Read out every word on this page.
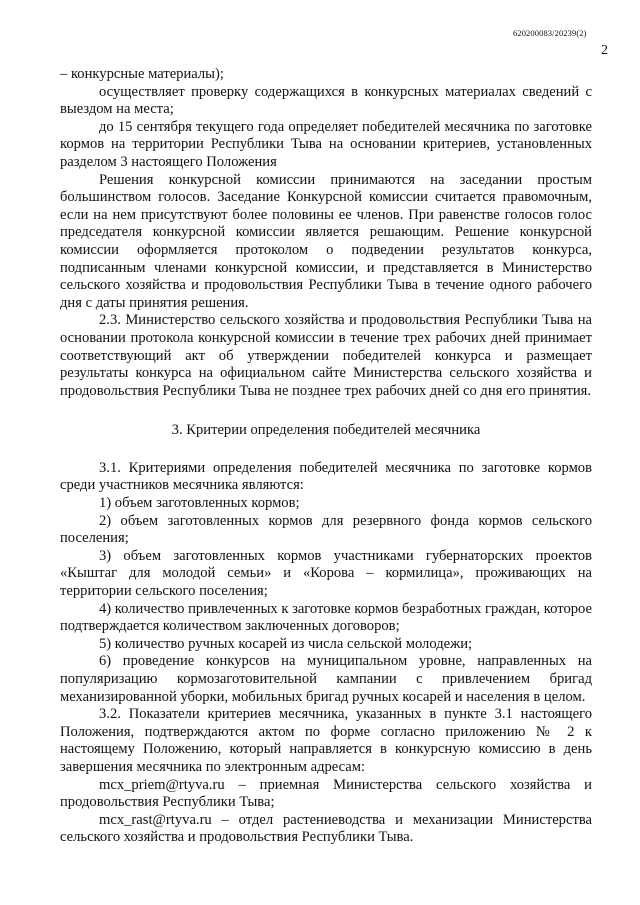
620200083/20239(2)
2

– конкурсные материалы);

осуществляет проверку содержащихся в конкурсных материалах сведений с выездом на места;

до 15 сентября текущего года определяет победителей месячника по заготовке кормов на территории Республики Тыва на основании критериев, установленных разделом 3 настоящего Положения

Решения конкурсной комиссии принимаются на заседании простым большинством голосов. Заседание Конкурсной комиссии считается правомочным, если на нем присутствуют более половины ее членов. При равенстве голосов голос председателя конкурсной комиссии является решающим. Решение конкурсной комиссии оформляется протоколом о подведении результатов конкурса, подписанным членами конкурсной комиссии, и представляется в Министерство сельского хозяйства и продовольствия Республики Тыва в течение одного рабочего дня с даты принятия решения.

2.3. Министерство сельского хозяйства и продовольствия Республики Тыва на основании протокола конкурсной комиссии в течение трех рабочих дней принимает соответствующий акт об утверждении победителей конкурса и размещает результаты конкурса на официальном сайте Министерства сельского хозяйства и продовольствия Республики Тыва не позднее трех рабочих дней со дня его принятия.

3. Критерии определения победителей месячника

3.1. Критериями определения победителей месячника по заготовке кормов среди участников месячника являются:

1) объем заготовленных кормов;

2) объем заготовленных кормов для резервного фонда кормов сельского поселения;

3) объем заготовленных кормов участниками губернаторских проектов «Кыштаг для молодой семьи» и «Корова – кормилица», проживающих на территории сельского поселения;

4) количество привлеченных к заготовке кормов безработных граждан, которое подтверждается количеством заключенных договоров;

5) количество ручных косарей из числа сельской молодежи;

6) проведение конкурсов на муниципальном уровне, направленных на популяризацию кормозаготовительной кампании с привлечением бригад механизированной уборки, мобильных бригад ручных косарей и населения в целом.

3.2. Показатели критериев месячника, указанных в пункте 3.1 настоящего Положения, подтверждаются актом по форме согласно приложению № 2 к настоящему Положению, который направляется в конкурсную комиссию в день завершения месячника по электронным адресам:

mcx_priem@rtyva.ru – приемная Министерства сельского хозяйства и продовольствия Республики Тыва;

mcx_rast@rtyva.ru – отдел растениеводства и механизации Министерства сельского хозяйства и продовольствия Республики Тыва.
